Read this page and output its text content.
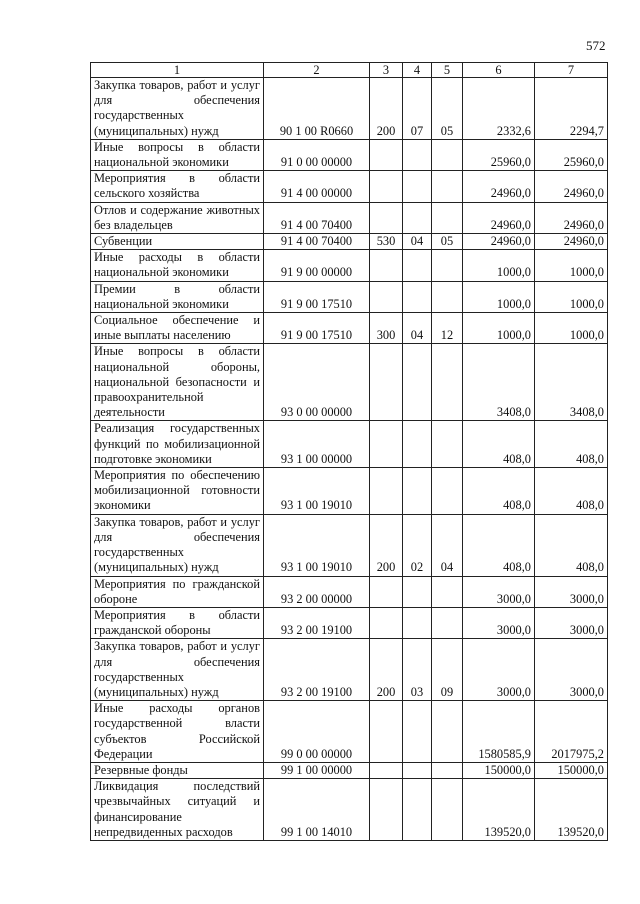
572
1	2	3	4	5	6	7
Закупка товаров, работ и услуг для обеспечения государственных (муниципальных) нужд	90 1 00 R0660	200	07	05	2332,6	2294,7
Иные вопросы в области национальной экономики	91 0 00 00000				25960,0	25960,0
Мероприятия в области сельского хозяйства	91 4 00 00000				24960,0	24960,0
Отлов и содержание животных без владельцев	91 4 00 70400				24960,0	24960,0
Субвенции	91 4 00 70400	530	04	05	24960,0	24960,0
Иные расходы в области национальной экономики	91 9 00 00000				1000,0	1000,0
Премии в области национальной экономики	91 9 00 17510				1000,0	1000,0
Социальное обеспечение и иные выплаты населению	91 9 00 17510	300	04	12	1000,0	1000,0
Иные вопросы в области национальной обороны, национальной безопасности и правоохранительной деятельности	93 0 00 00000				3408,0	3408,0
Реализация государственных функций по мобилизационной подготовке экономики	93 1 00 00000				408,0	408,0
Мероприятия по обеспечению мобилизационной готовности экономики	93 1 00 19010				408,0	408,0
Закупка товаров, работ и услуг для обеспечения государственных (муниципальных) нужд	93 1 00 19010	200	02	04	408,0	408,0
Мероприятия по гражданской обороне	93 2 00 00000				3000,0	3000,0
Мероприятия в области гражданской обороны	93 2 00 19100				3000,0	3000,0
Закупка товаров, работ и услуг для обеспечения государственных (муниципальных) нужд	93 2 00 19100	200	03	09	3000,0	3000,0
Иные расходы органов государственной власти субъектов Российской Федерации	99 0 00 00000				1580585,9	2017975,2
Резервные фонды	99 1 00 00000				150000,0	150000,0
Ликвидация последствий чрезвычайных ситуаций и финансирование непредвиденных расходов	99 1 00 14010				139520,0	139520,0
